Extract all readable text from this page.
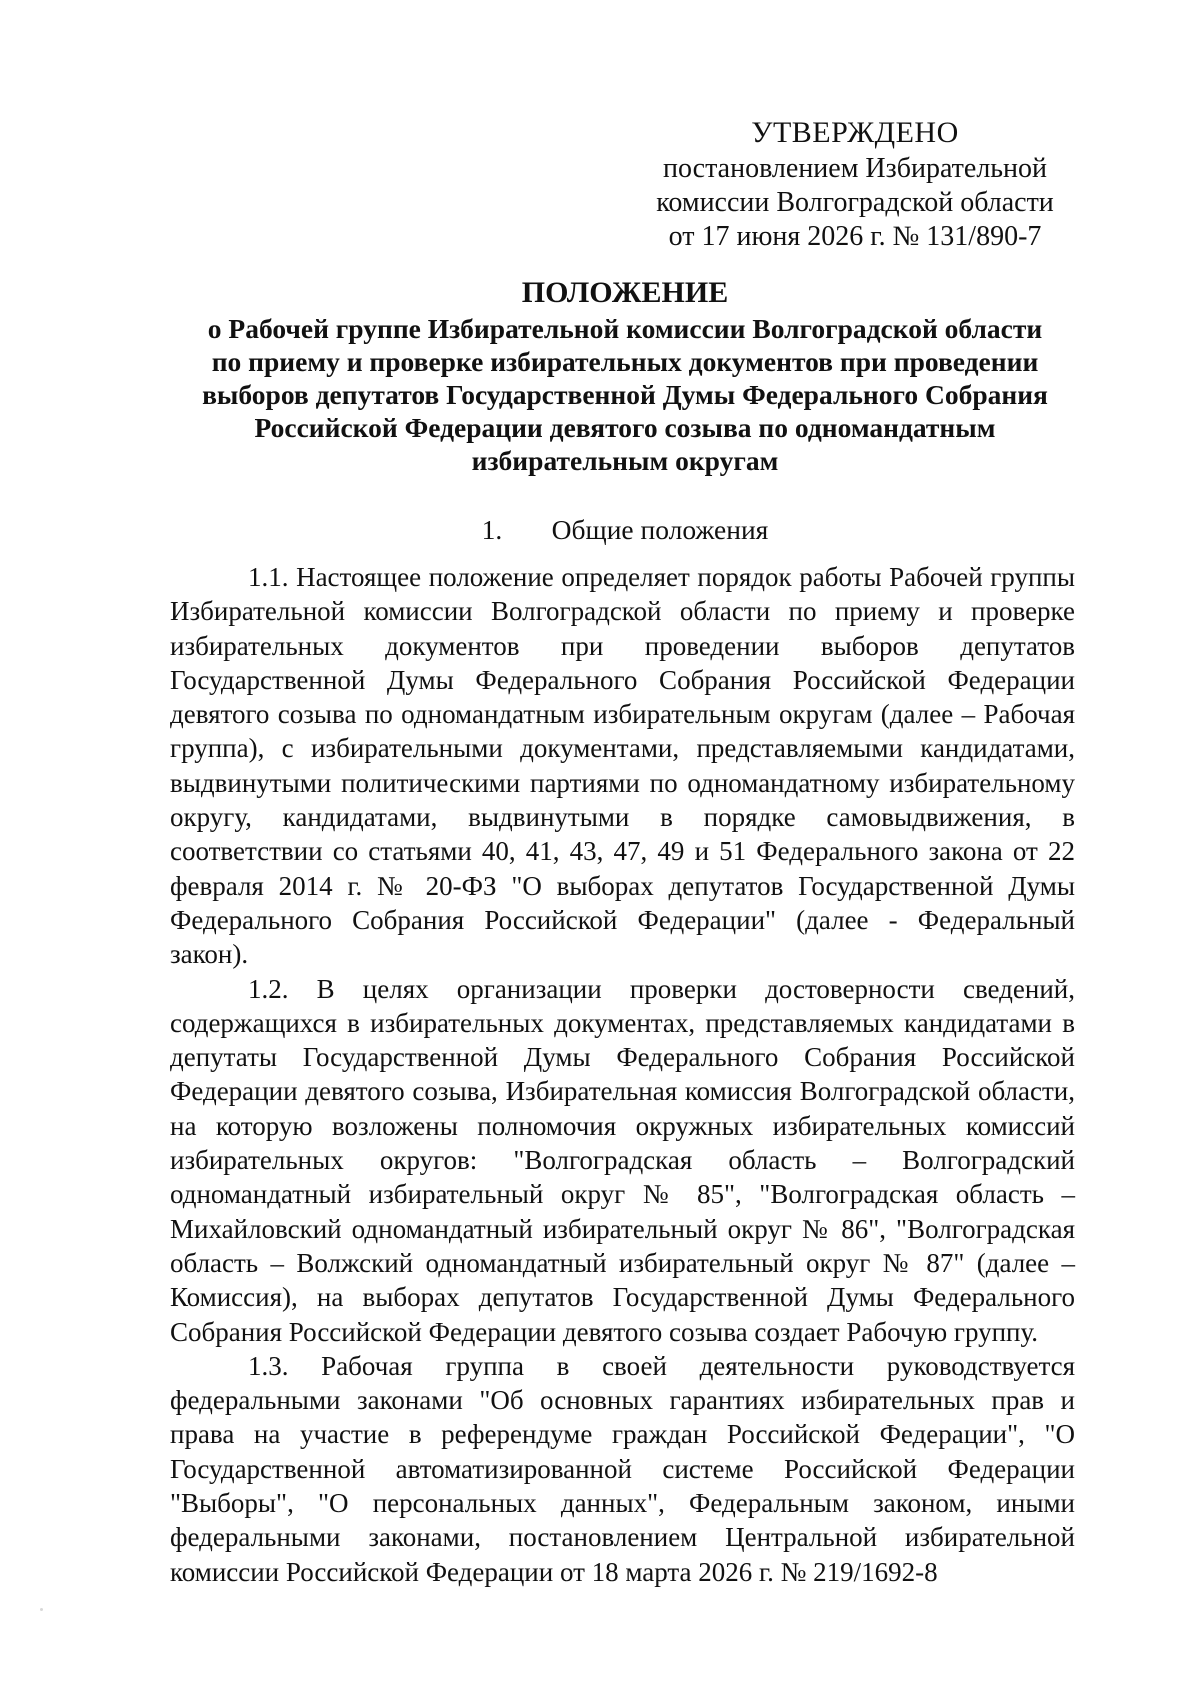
УТВЕРЖДЕНО
постановлением Избирательной
комиссии Волгоградской области
от 17 июня 2026 г. № 131/890-7
ПОЛОЖЕНИЕ
о Рабочей группе Избирательной комиссии Волгоградской области
по приему и проверке избирательных документов при проведении
выборов депутатов Государственной Думы Федерального Собрания
Российской Федерации девятого созыва по одномандатным
избирательным округам
1. Общие положения

1.1. Настоящее положение определяет порядок работы Рабочей группы Избирательной комиссии Волгоградской области по приему и проверке избирательных документов при проведении выборов депутатов Государственной Думы Федерального Собрания Российской Федерации девятого созыва по одномандатным избирательным округам (далее – Рабочая группа), с избирательными документами, представляемыми кандидатами, выдвинутыми политическими партиями по одномандатному избирательному округу, кандидатами, выдвинутыми в порядке самовыдвижения, в соответствии со статьями 40, 41, 43, 47, 49 и 51 Федерального закона от 22 февраля 2014 г. № 20-ФЗ "О выборах депутатов Государственной Думы Федерального Собрания Российской Федерации" (далее - Федеральный закон).

1.2. В целях организации проверки достоверности сведений, содержащихся в избирательных документах, представляемых кандидатами в депутаты Государственной Думы Федерального Собрания Российской Федерации девятого созыва, Избирательная комиссия Волгоградской области, на которую возложены полномочия окружных избирательных комиссий избирательных округов: "Волгоградская область – Волгоградский одномандатный избирательный округ № 85", "Волгоградская область – Михайловский одномандатный избирательный округ № 86", "Волгоградская область – Волжский одномандатный избирательный округ № 87" (далее – Комиссия), на выборах депутатов Государственной Думы Федерального Собрания Российской Федерации девятого созыва создает Рабочую группу.

1.3. Рабочая группа в своей деятельности руководствуется федеральными законами "Об основных гарантиях избирательных прав и права на участие в референдуме граждан Российской Федерации", "О Государственной автоматизированной системе Российской Федерации "Выборы", "О персональных данных", Федеральным законом, иными федеральными законами, постановлением Центральной избирательной комиссии Российской Федерации от 18 марта 2026 г. № 219/1692-8
